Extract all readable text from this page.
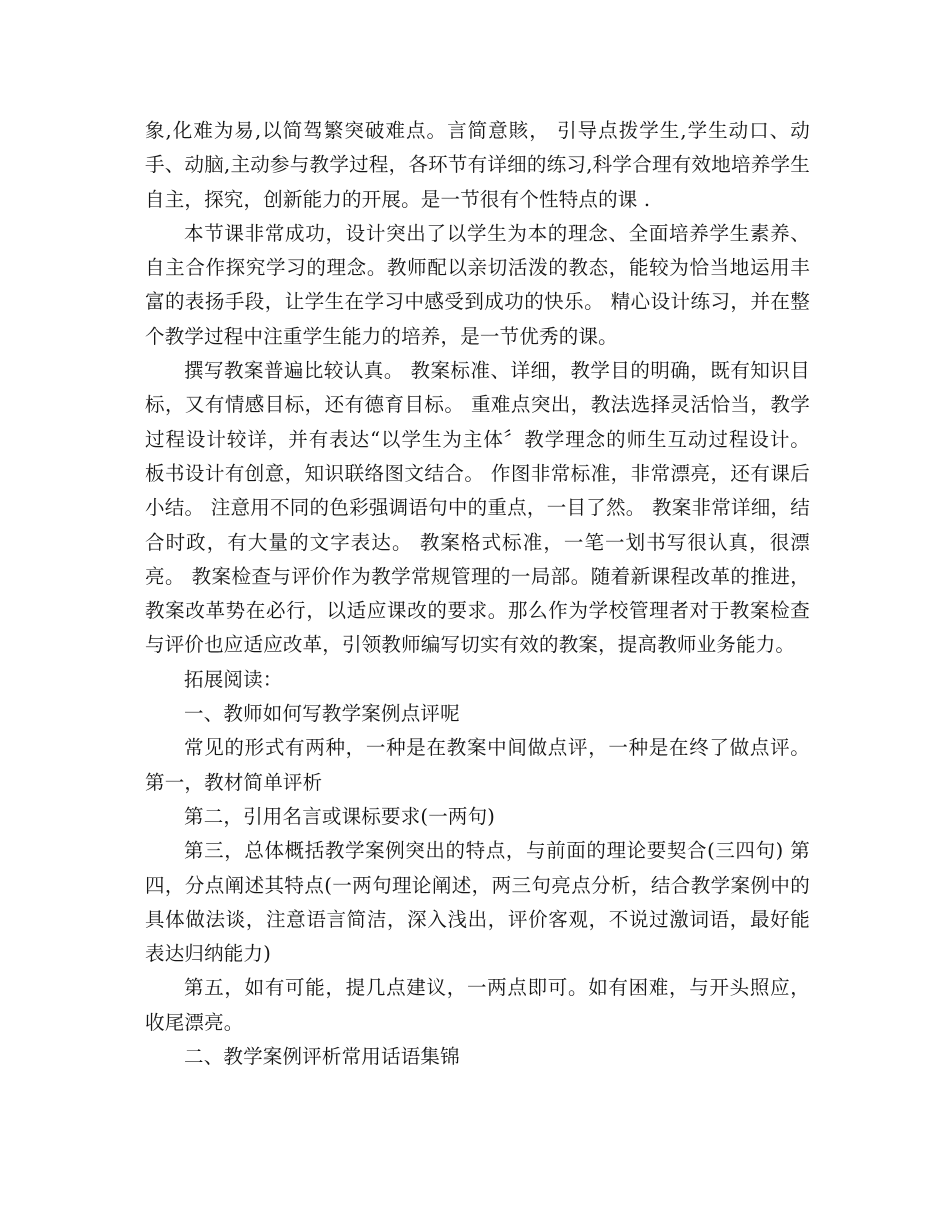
象,化难为易,以简驾繁突破难点。言简意賅， 引导点拨学生,学生动口、动手、动脑,主动参与教学过程，各环节有详细的练习,科学合理有效地培养学生自主，探究，创新能力的开展。是一节很有个性特点的课 .

本节课非常成功，设计突出了以学生为本的理念、全面培养学生素养、自主合作探究学习的理念。教师配以亲切活泼的教态，能较为恰当地运用丰富的表扬手段，让学生在学习中感受到成功的快乐。 精心设计练习，并在整个教学过程中注重学生能力的培养，是一节优秀的课。

撰写教案普遍比较认真。 教案标准、详细，教学目的明确，既有知识目标，又有情感目标，还有德育目标。 重难点突出，教法选择灵活恰当，教学过程设计较详，并有表达“以学生为主体〞教学理念的师生互动过程设计。 板书设计有创意，知识联络图文结合。 作图非常标准，非常漂亮，还有课后小结。 注意用不同的色彩强调语句中的重点，一目了然。 教案非常详细，结合时政，有大量的文字表达。 教案格式标准，一笔一划书写很认真，很漂亮。 教案检查与评价作为教学常规管理的一局部。随着新课程改革的推进，教案改革势在必行，以适应课改的要求。那么作为学校管理者对于教案检查与评价也应适应改革，引领教师编写切实有效的教案，提高教师业务能力。

拓展阅读：

一、教师如何写教学案例点评呢

常见的形式有两种，一种是在教案中间做点评，一种是在终了做点评。 第一，教材简单评析

第二，引用名言或课标要求(一两句)

第三，总体概括教学案例突出的特点，与前面的理论要契合(三四句) 第四，分点阐述其特点(一两句理论阐述，两三句亮点分析，结合教学案例中的具体做法谈，注意语言简洁，深入浅出，评价客观，不说过激词语，最好能表达归纳能力)

第五，如有可能，提几点建议，一两点即可。如有困难，与开头照应，收尾漂亮。

二、教学案例评析常用话语集锦
